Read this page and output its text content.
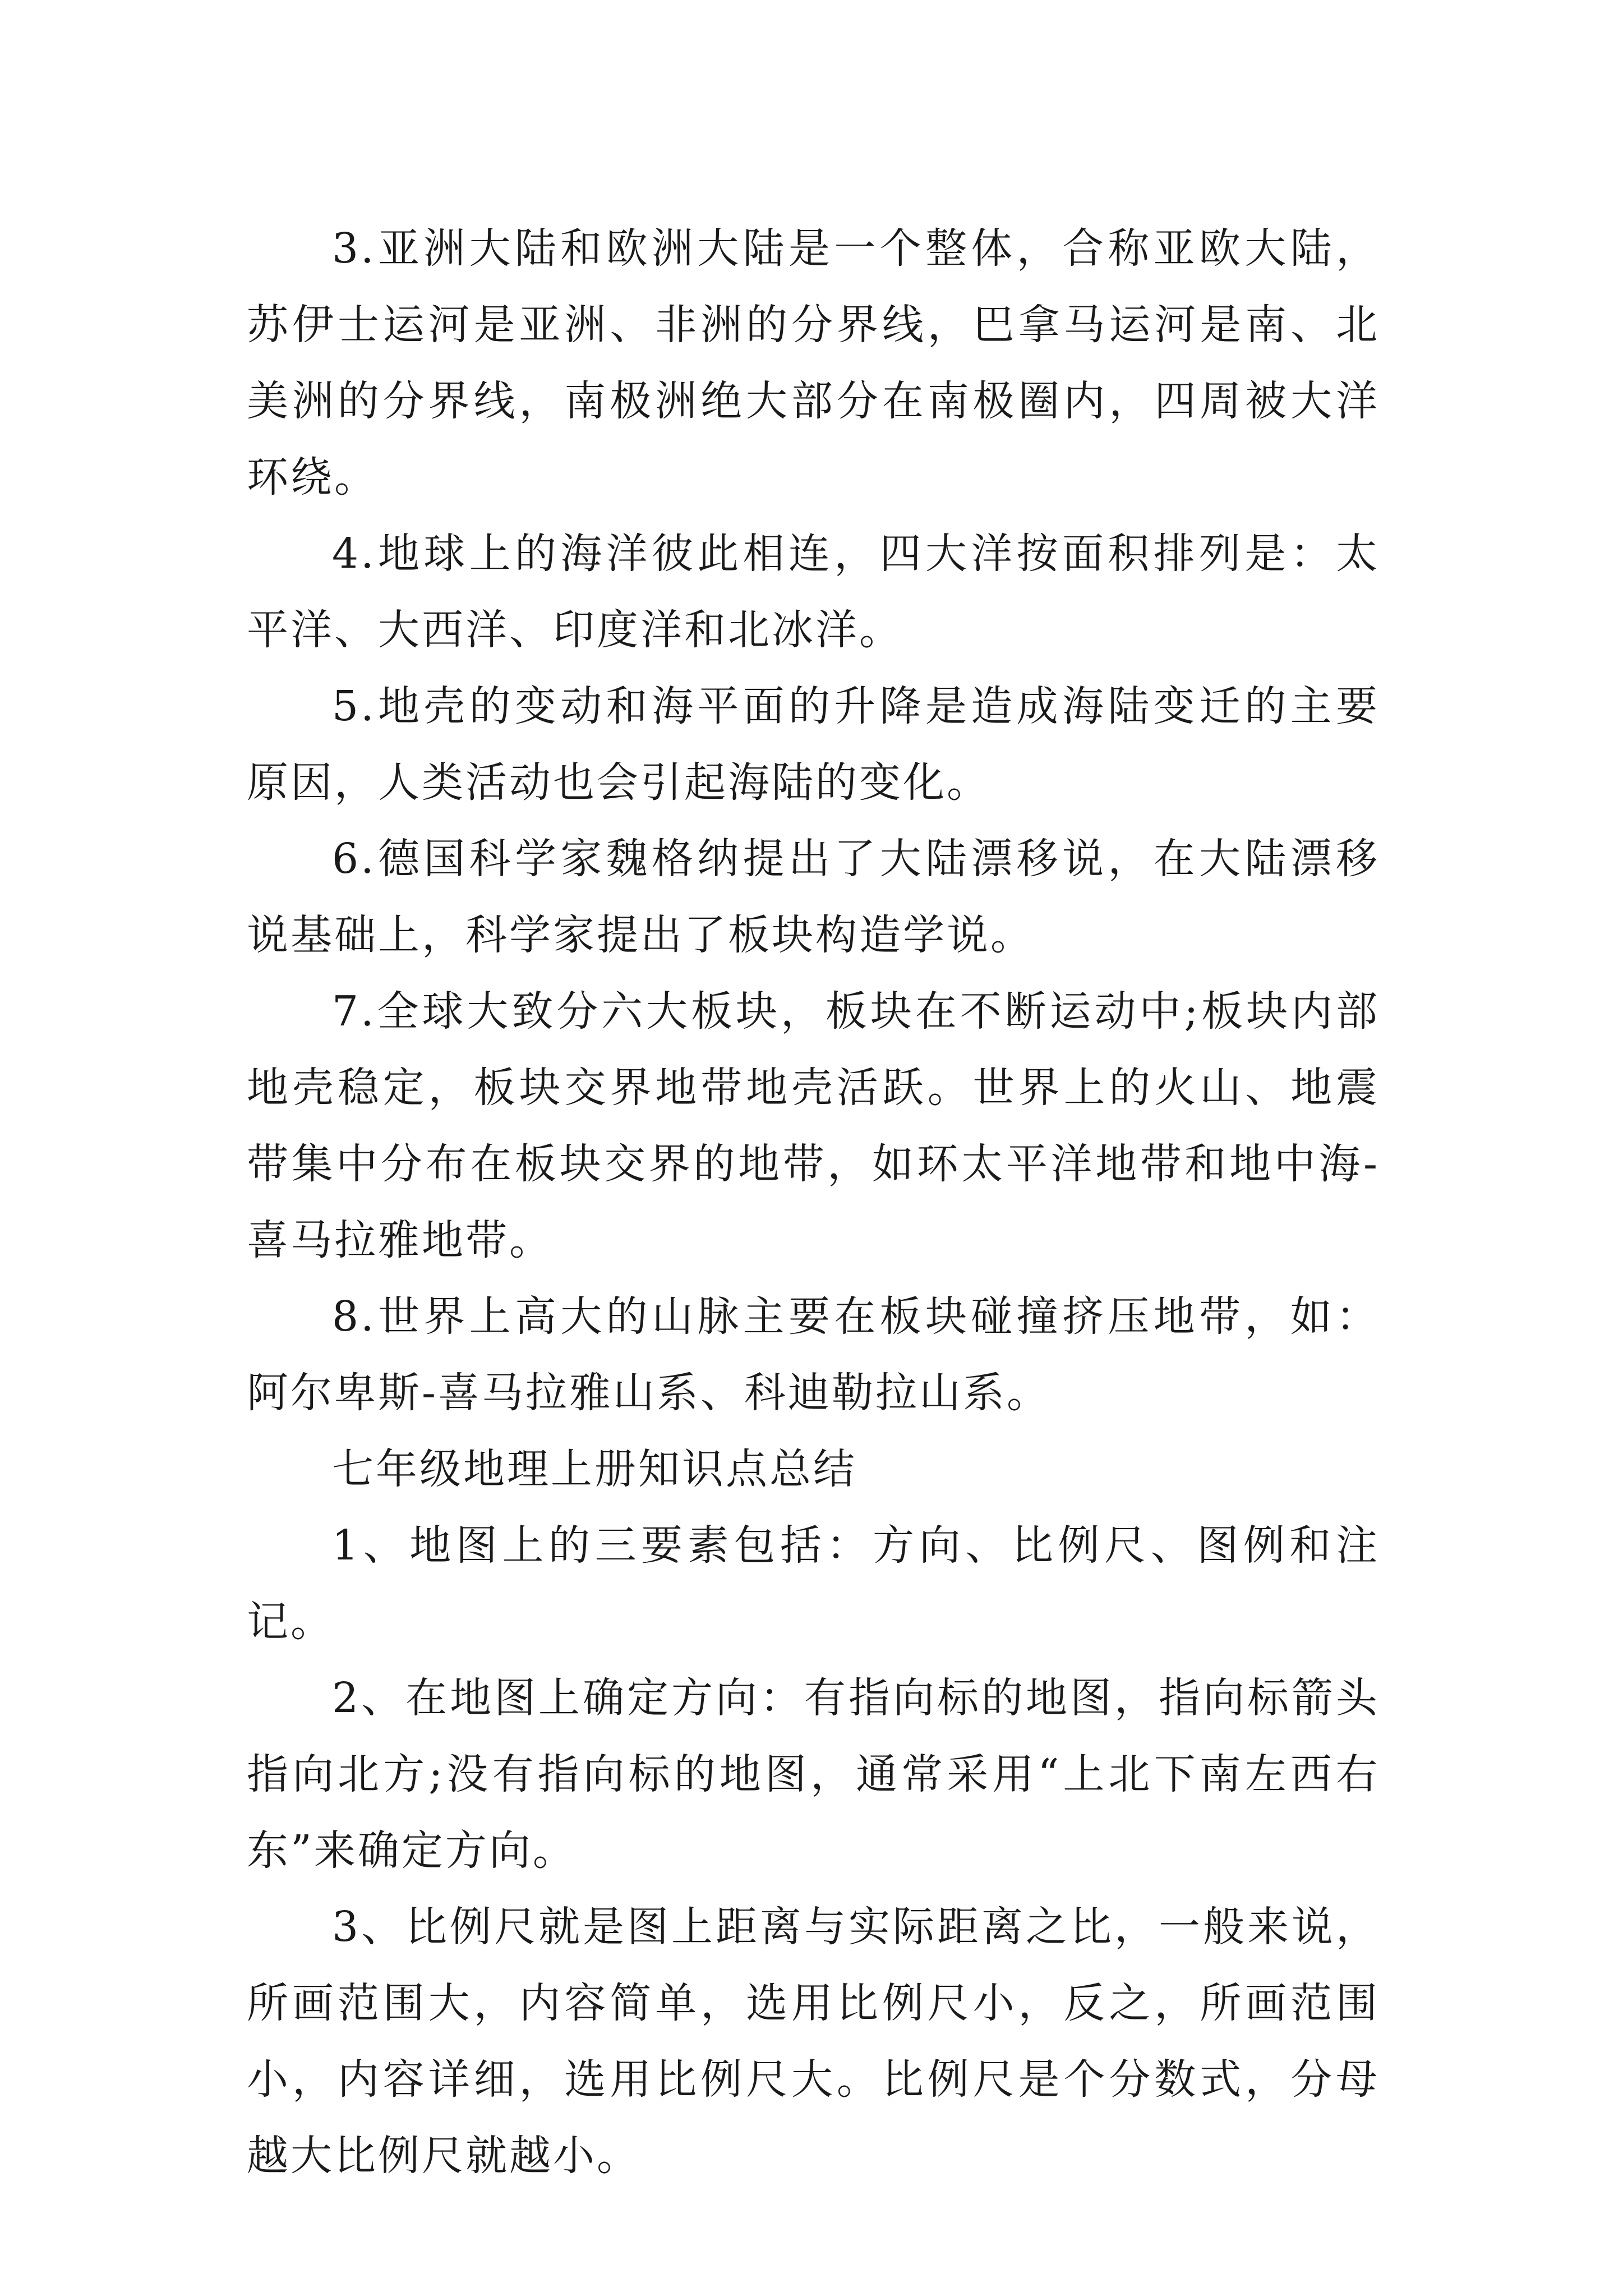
3.亚洲大陆和欧洲大陆是一个整体，合称亚欧大陆，苏伊士运河是亚洲、非洲的分界线，巴拿马运河是南、北美洲的分界线，南极洲绝大部分在南极圈内，四周被大洋环绕。

4.地球上的海洋彼此相连，四大洋按面积排列是：太平洋、大西洋、印度洋和北冰洋。

5.地壳的变动和海平面的升降是造成海陆变迁的主要原因，人类活动也会引起海陆的变化。

6.德国科学家魏格纳提出了大陆漂移说，在大陆漂移说基础上，科学家提出了板块构造学说。

7.全球大致分六大板块，板块在不断运动中;板块内部地壳稳定，板块交界地带地壳活跃。世界上的火山、地震带集中分布在板块交界的地带，如环太平洋地带和地中海-喜马拉雅地带。

8.世界上高大的山脉主要在板块碰撞挤压地带，如：阿尔卑斯-喜马拉雅山系、科迪勒拉山系。

七年级地理上册知识点总结

1、地图上的三要素包括：方向、比例尺、图例和注记。

2、在地图上确定方向：有指向标的地图，指向标箭头指向北方;没有指向标的地图，通常采用“上北下南左西右东”来确定方向。

3、比例尺就是图上距离与实际距离之比，一般来说，所画范围大，内容简单，选用比例尺小，反之，所画范围小，内容详细，选用比例尺大。比例尺是个分数式，分母越大比例尺就越小。
